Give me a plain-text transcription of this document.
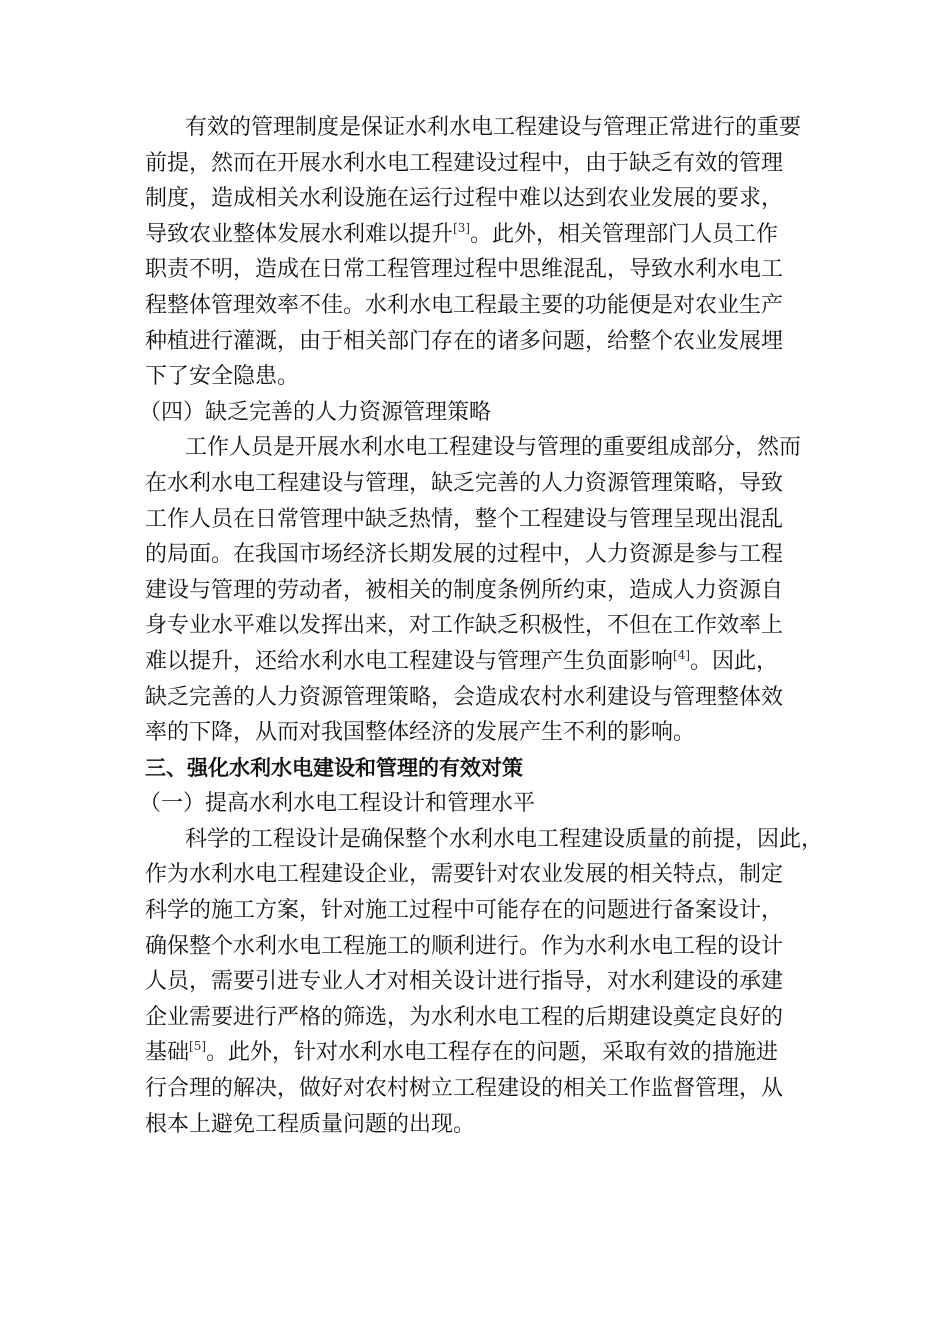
有效的管理制度是保证水利水电工程建设与管理正常进行的重要
前提，然而在开展水利水电工程建设过程中，由于缺乏有效的管理
制度，造成相关水利设施在运行过程中难以达到农业发展的要求，
导致农业整体发展水利难以提升[3]。此外，相关管理部门人员工作
职责不明，造成在日常工程管理过程中思维混乱，导致水利水电工
程整体管理效率不佳。水利水电工程最主要的功能便是对农业生产
种植进行灌溉，由于相关部门存在的诸多问题，给整个农业发展埋
下了安全隐患。
（四）缺乏完善的人力资源管理策略
工作人员是开展水利水电工程建设与管理的重要组成部分，然而
在水利水电工程建设与管理，缺乏完善的人力资源管理策略，导致
工作人员在日常管理中缺乏热情，整个工程建设与管理呈现出混乱
的局面。在我国市场经济长期发展的过程中，人力资源是参与工程
建设与管理的劳动者，被相关的制度条例所约束，造成人力资源自
身专业水平难以发挥出来，对工作缺乏积极性，不但在工作效率上
难以提升，还给水利水电工程建设与管理产生负面影响[4]。因此，
缺乏完善的人力资源管理策略，会造成农村水利建设与管理整体效
率的下降，从而对我国整体经济的发展产生不利的影响。
三、强化水利水电建设和管理的有效对策
（一）提高水利水电工程设计和管理水平
科学的工程设计是确保整个水利水电工程建设质量的前提，因此，
作为水利水电工程建设企业，需要针对农业发展的相关特点，制定
科学的施工方案，针对施工过程中可能存在的问题进行备案设计，
确保整个水利水电工程施工的顺利进行。作为水利水电工程的设计
人员，需要引进专业人才对相关设计进行指导，对水利建设的承建
企业需要进行严格的筛选，为水利水电工程的后期建设奠定良好的
基础[5]。此外，针对水利水电工程存在的问题，采取有效的措施进
行合理的解决，做好对农村树立工程建设的相关工作监督管理，从
根本上避免工程质量问题的出现。
